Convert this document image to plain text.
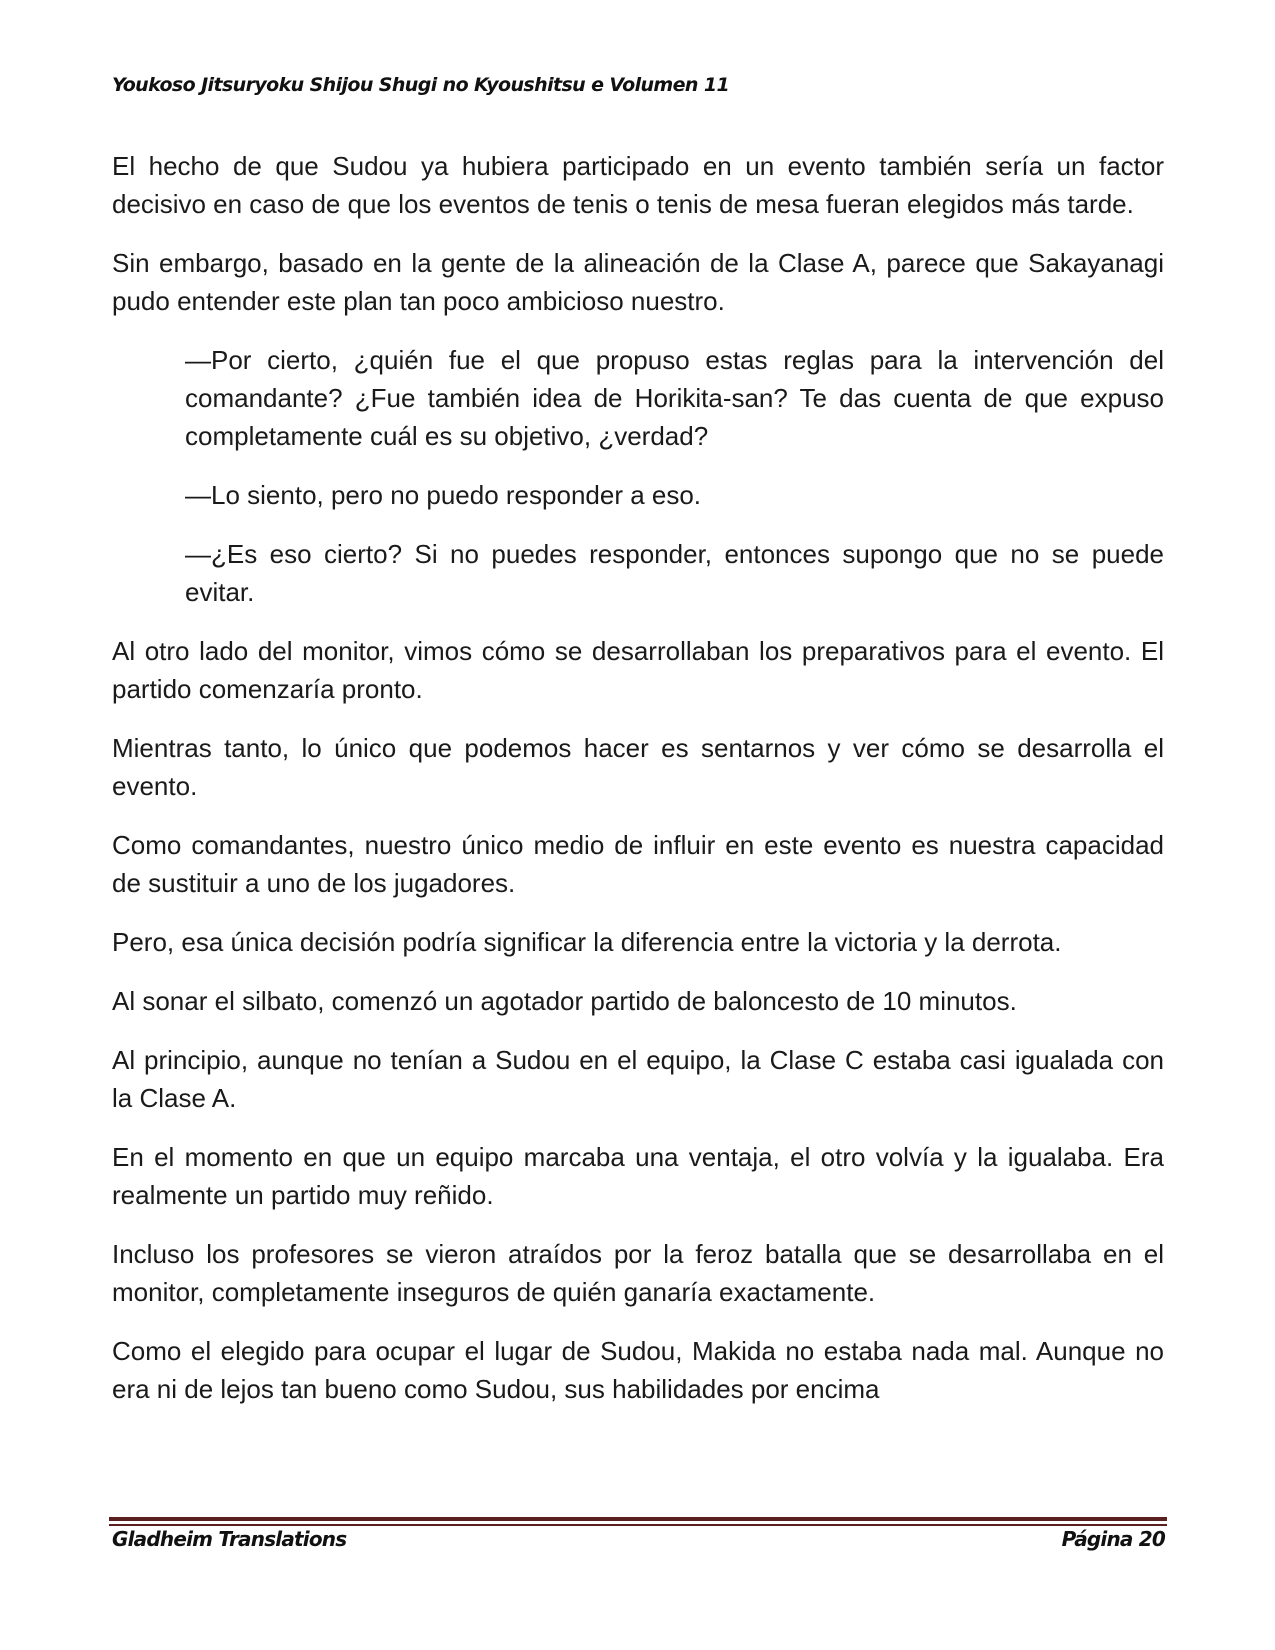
Youkoso Jitsuryoku Shijou Shugi no Kyoushitsu e Volumen 11

El hecho de que Sudou ya hubiera participado en un evento también sería un factor decisivo en caso de que los eventos de tenis o tenis de mesa fueran elegidos más tarde.

Sin embargo, basado en la gente de la alineación de la Clase A, parece que Sakayanagi pudo entender este plan tan poco ambicioso nuestro.

—Por cierto, ¿quién fue el que propuso estas reglas para la intervención del comandante? ¿Fue también idea de Horikita-san? Te das cuenta de que expuso completamente cuál es su objetivo, ¿verdad?

—Lo siento, pero no puedo responder a eso.

—¿Es eso cierto? Si no puedes responder, entonces supongo que no se puede evitar.

Al otro lado del monitor, vimos cómo se desarrollaban los preparativos para el evento. El partido comenzaría pronto.

Mientras tanto, lo único que podemos hacer es sentarnos y ver cómo se desarrolla el evento.

Como comandantes, nuestro único medio de influir en este evento es nuestra capacidad de sustituir a uno de los jugadores.

Pero, esa única decisión podría significar la diferencia entre la victoria y la derrota.

Al sonar el silbato, comenzó un agotador partido de baloncesto de 10 minutos.

Al principio, aunque no tenían a Sudou en el equipo, la Clase C estaba casi igualada con la Clase A.

En el momento en que un equipo marcaba una ventaja, el otro volvía y la igualaba. Era realmente un partido muy reñido.

Incluso los profesores se vieron atraídos por la feroz batalla que se desarrollaba en el monitor, completamente inseguros de quién ganaría exactamente.

Como el elegido para ocupar el lugar de Sudou, Makida no estaba nada mal. Aunque no era ni de lejos tan bueno como Sudou, sus habilidades por encima

Gladheim Translations	Página 20
